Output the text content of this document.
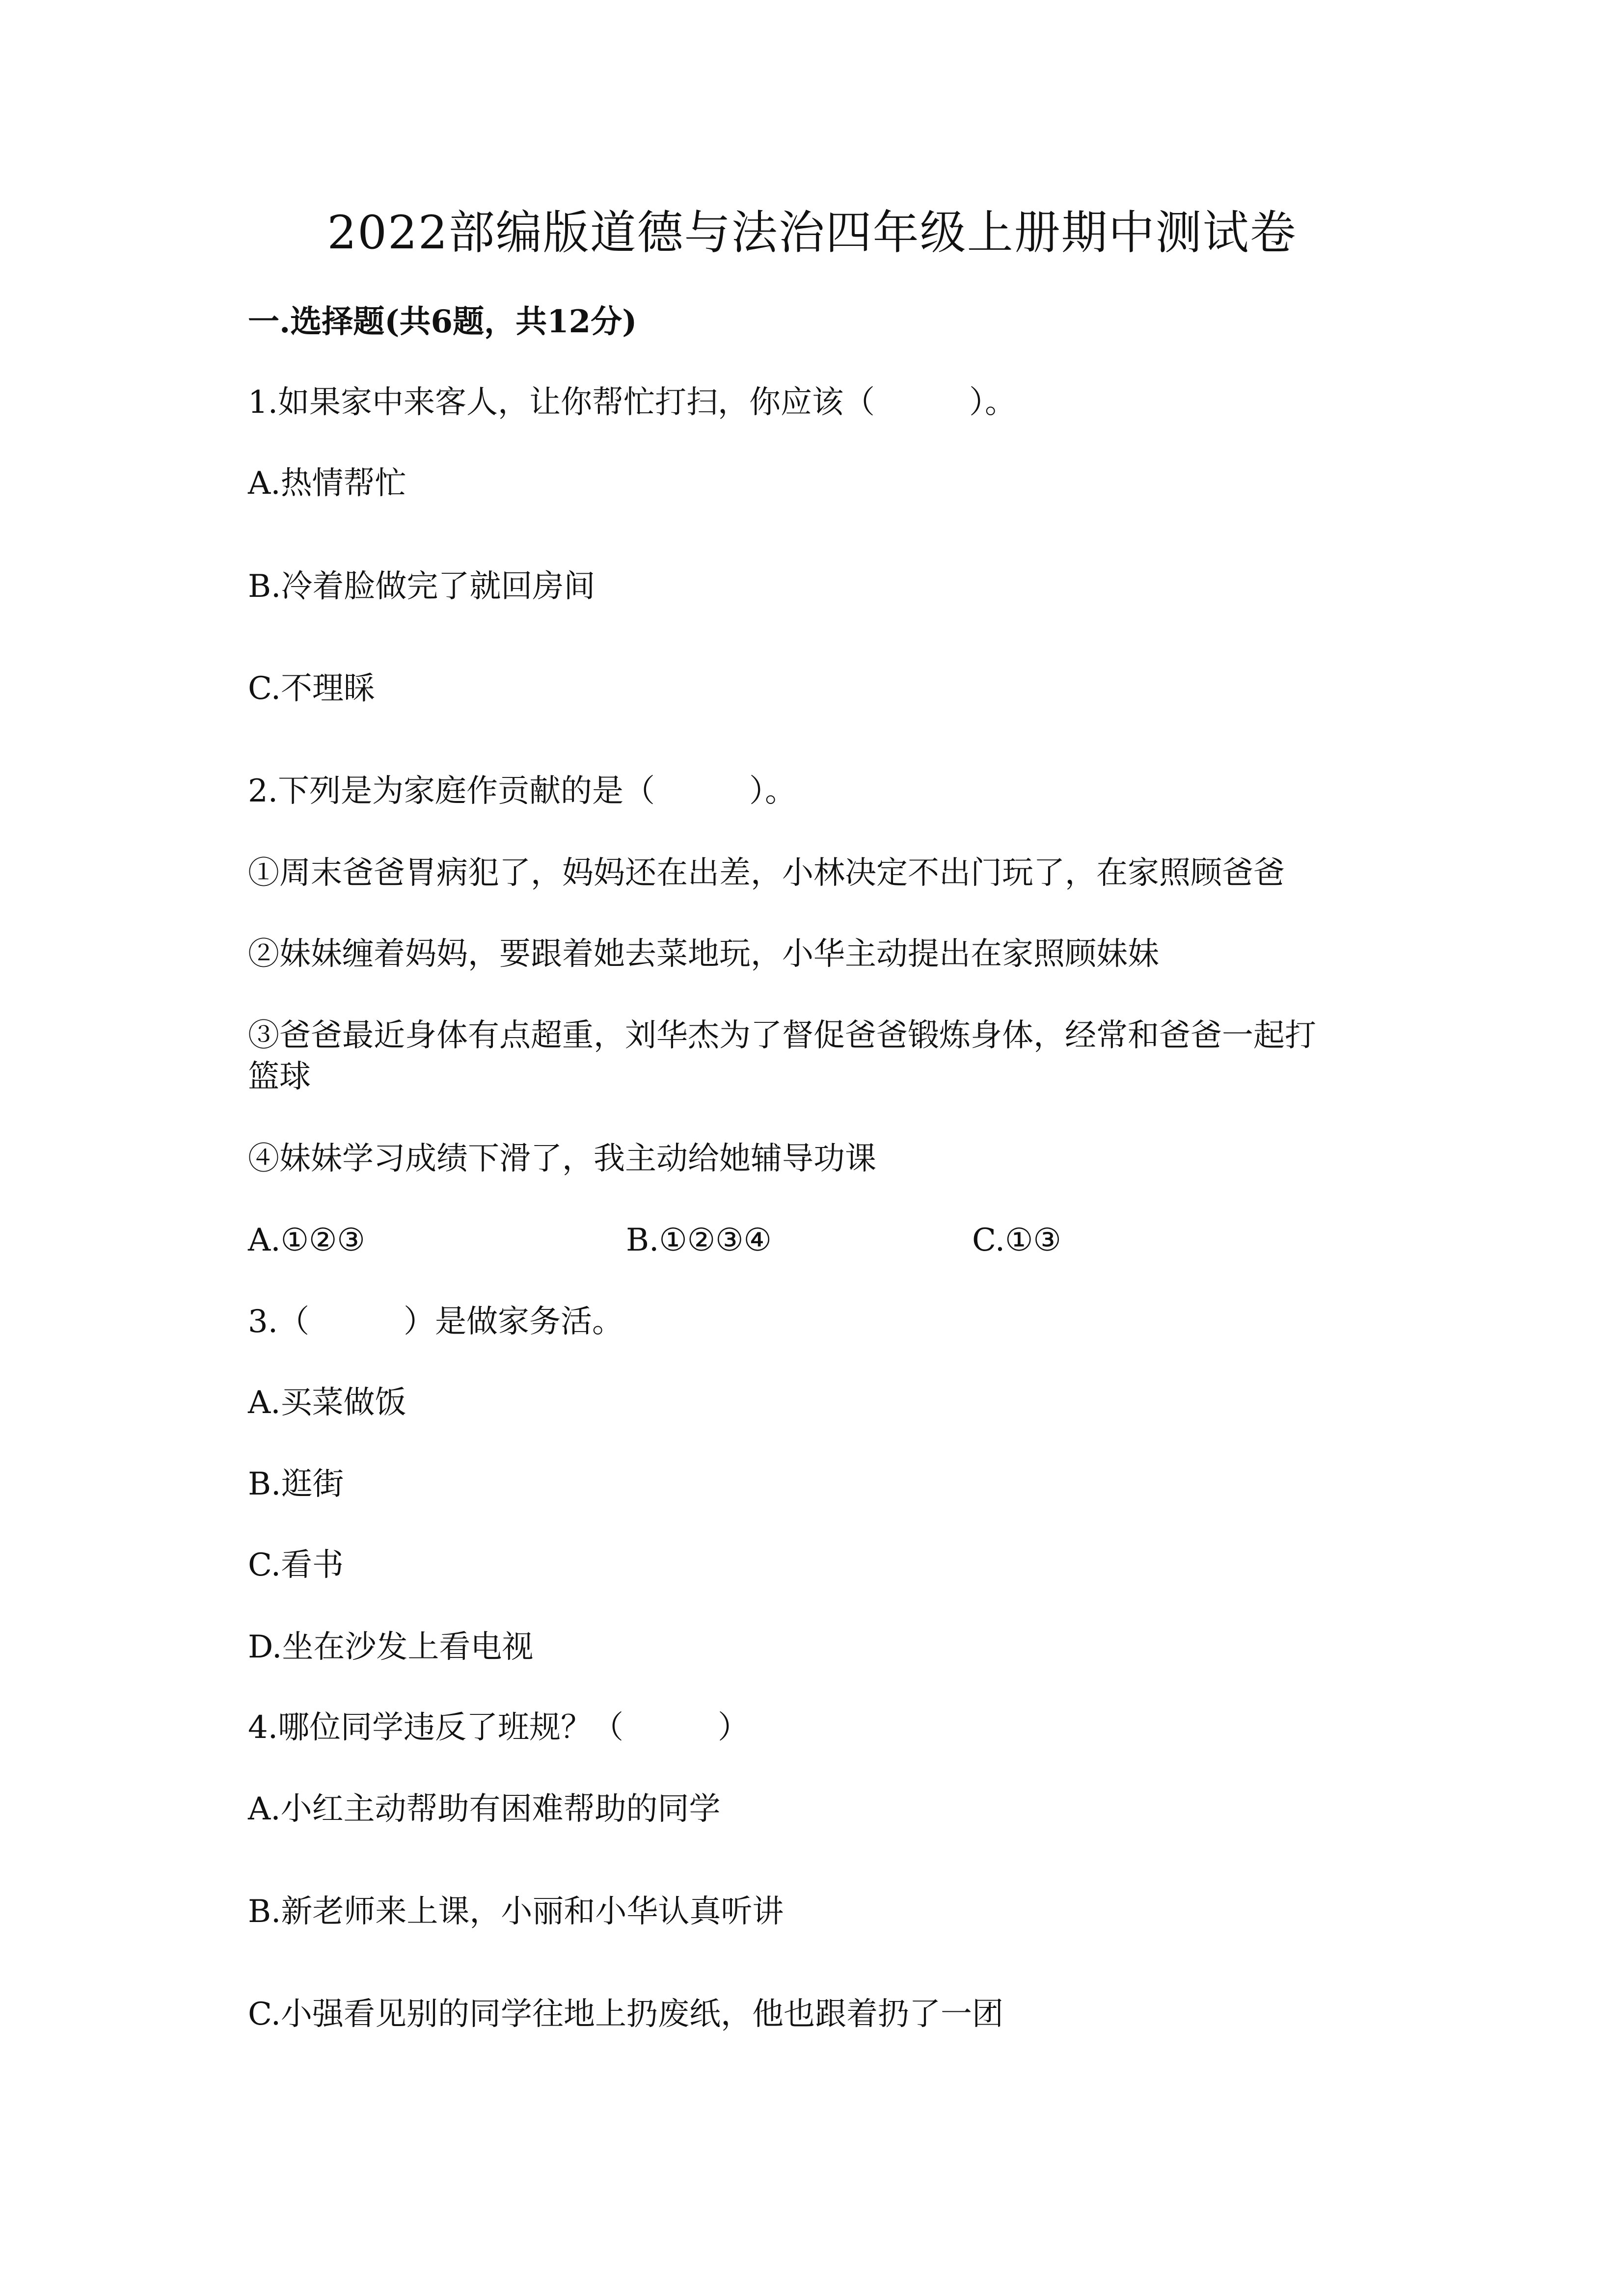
2022部编版道德与法治四年级上册期中测试卷
一.选择题(共6题，共12分)
1.如果家中来客人，让你帮忙打扫，你应该（　　　）。
A.热情帮忙
B.冷着脸做完了就回房间
C.不理睬
2.下列是为家庭作贡献的是（　　　）。
①周末爸爸胃病犯了，妈妈还在出差，小林决定不出门玩了，在家照顾爸爸
②妹妹缠着妈妈，要跟着她去菜地玩，小华主动提出在家照顾妹妹
③爸爸最近身体有点超重，刘华杰为了督促爸爸锻炼身体，经常和爸爸一起打
篮球
④妹妹学习成绩下滑了，我主动给她辅导功课
A.①②③	B.①②③④	C.①③
3.（　　　）是做家务活。
A.买菜做饭
B.逛街
C.看书
D.坐在沙发上看电视
4.哪位同学违反了班规？（　　　）
A.小红主动帮助有困难帮助的同学
B.新老师来上课，小丽和小华认真听讲
C.小强看见别的同学往地上扔废纸，他也跟着扔了一团
